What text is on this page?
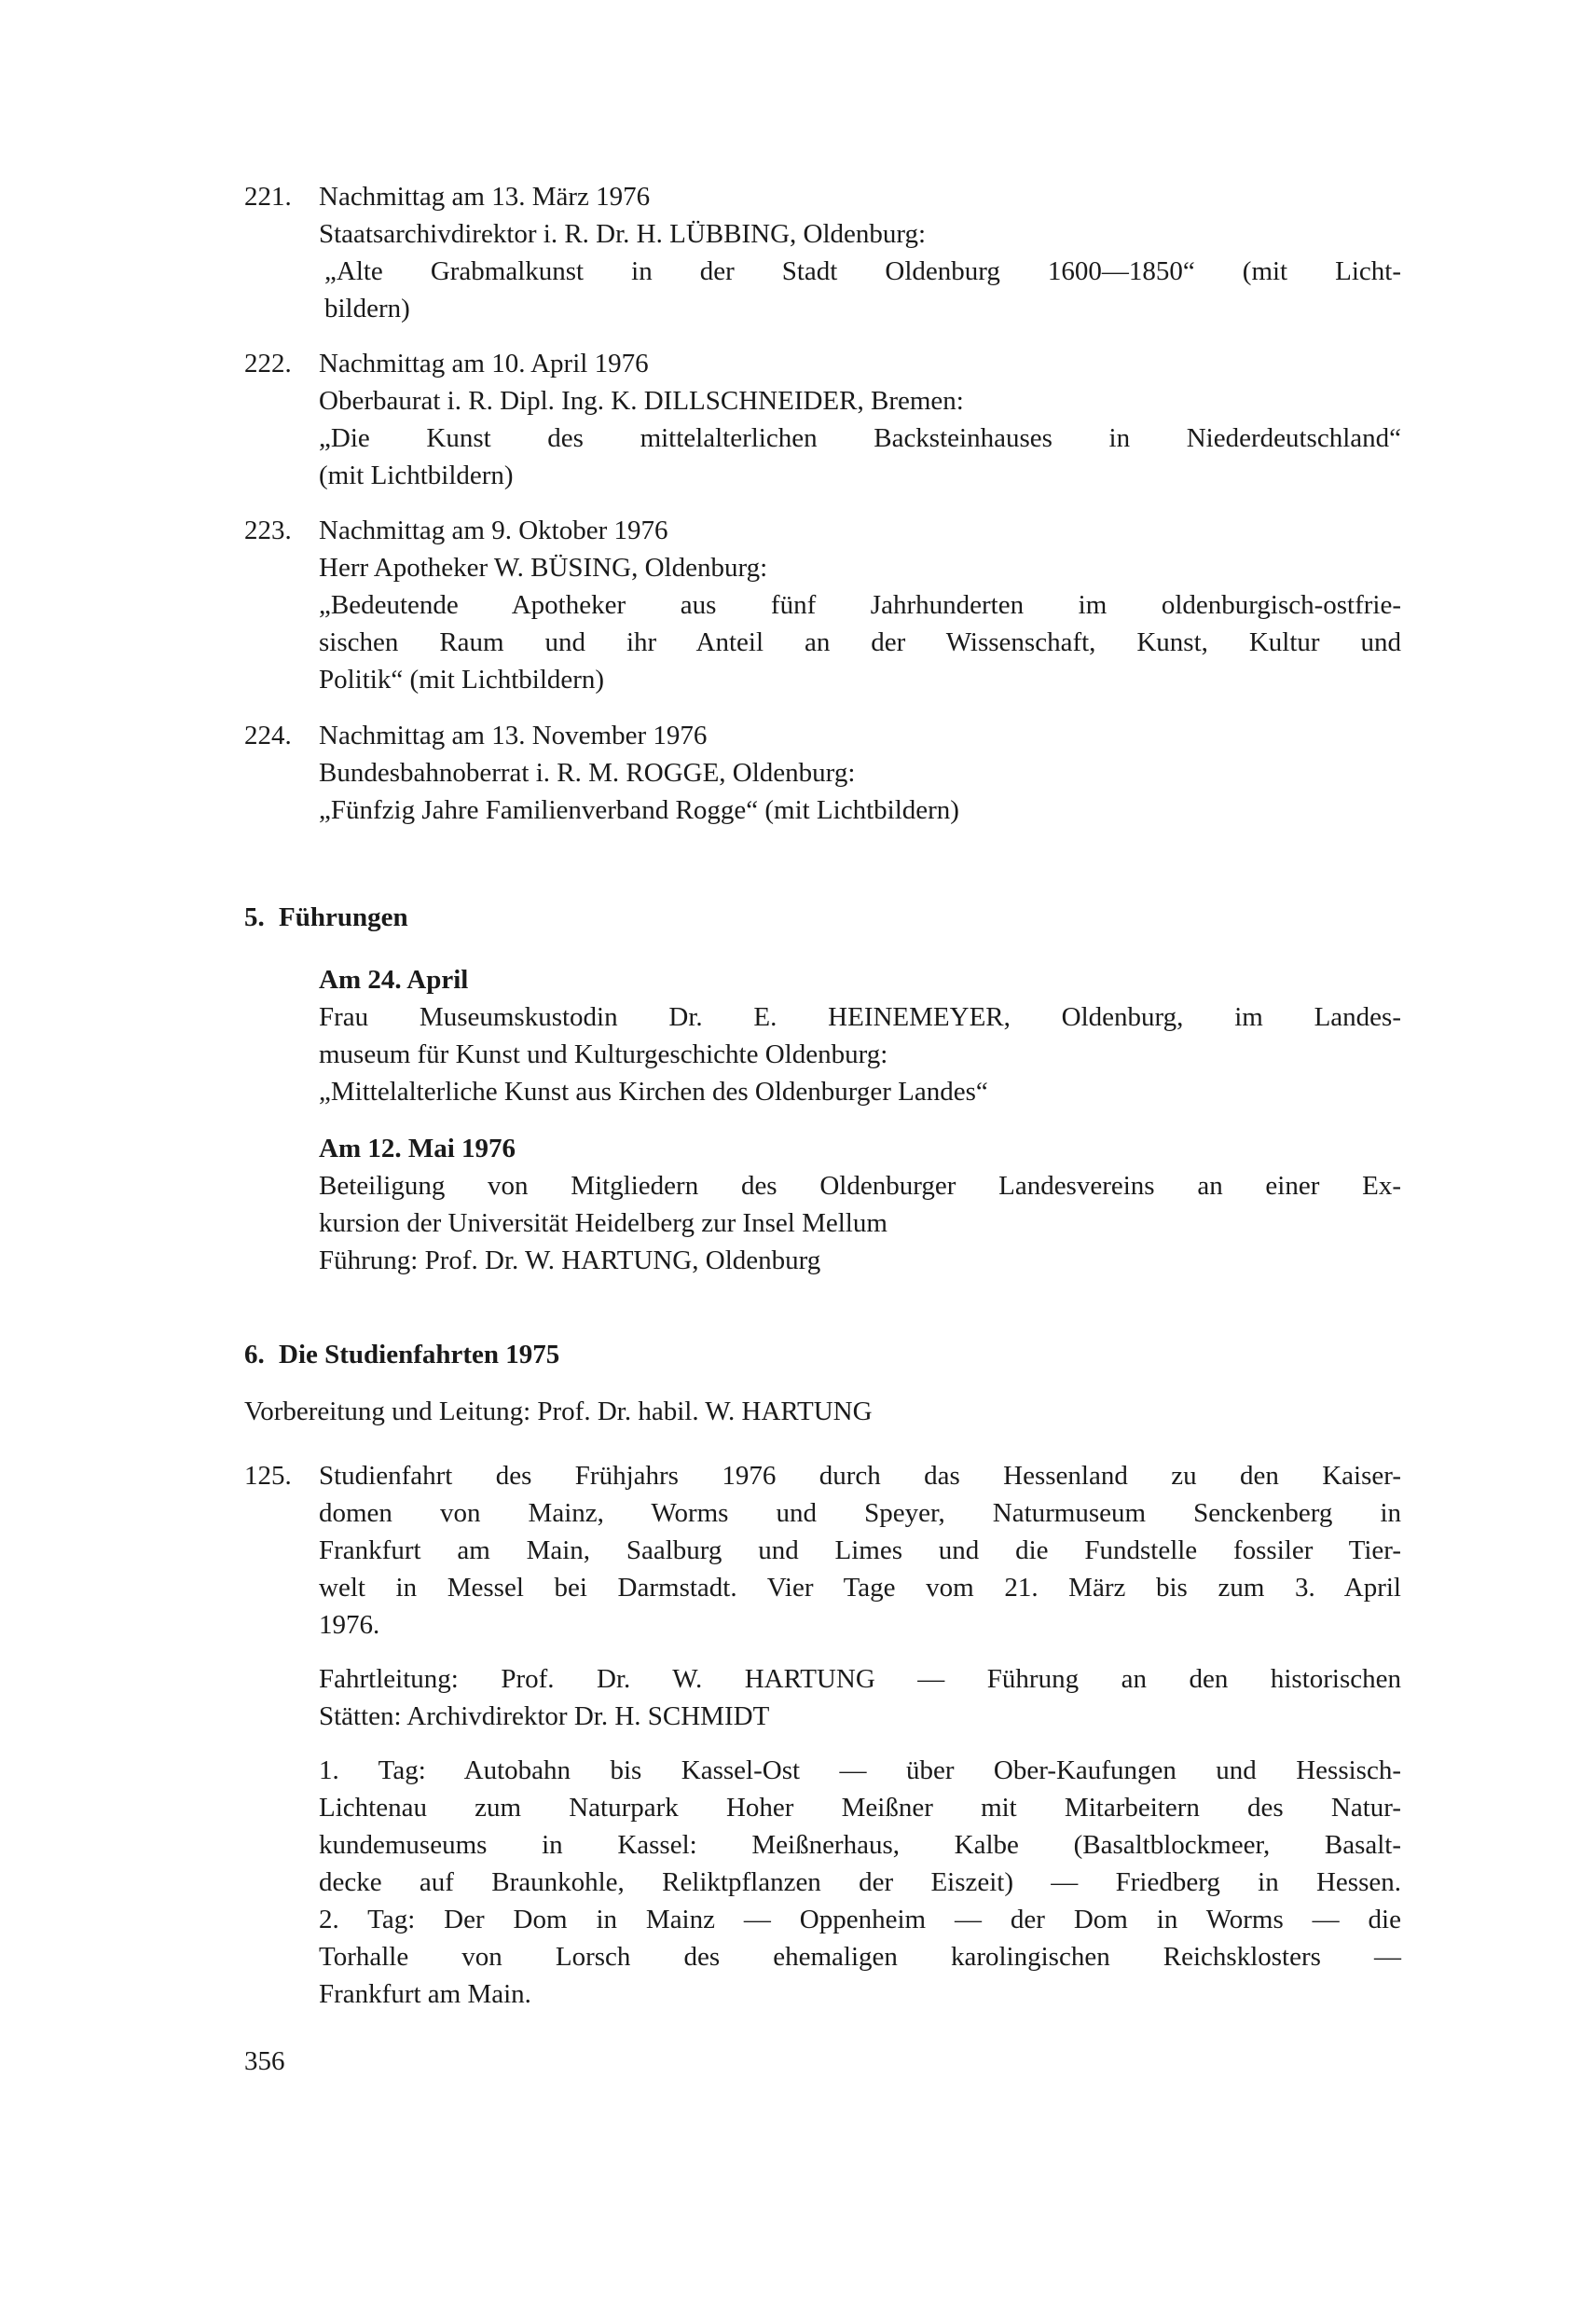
221. Nachmittag am 13. März 1976
Staatsarchivdirektor i. R. Dr. H. LÜBBING, Oldenburg:
„Alte Grabmalkunst in der Stadt Oldenburg 1600—1850“ (mit Licht-
bildern)
222. Nachmittag am 10. April 1976
Oberbaurat i. R. Dipl. Ing. K. DILLSCHNEIDER, Bremen:
„Die Kunst des mittelalterlichen Backsteinhauses in Niederdeutschland“
(mit Lichtbildern)
223. Nachmittag am 9. Oktober 1976
Herr Apotheker W. BÜSING, Oldenburg:
„Bedeutende Apotheker aus fünf Jahrhunderten im oldenburgisch-ostfrie-
sischen Raum und ihr Anteil an der Wissenschaft, Kunst, Kultur und
Politik“ (mit Lichtbildern)
224. Nachmittag am 13. November 1976
Bundesbahnoberrat i. R. M. ROGGE, Oldenburg:
„Fünfzig Jahre Familienverband Rogge“ (mit Lichtbildern)
5. Führungen
Am 24. April
Frau Museumskustodin Dr. E. HEINEMEYER, Oldenburg, im Landes-
museum für Kunst und Kulturgeschichte Oldenburg:
„Mittelalterliche Kunst aus Kirchen des Oldenburger Landes“
Am 12. Mai 1976
Beteiligung von Mitgliedern des Oldenburger Landesvereins an einer Ex-
kursion der Universität Heidelberg zur Insel Mellum
Führung: Prof. Dr. W. HARTUNG, Oldenburg
6. Die Studienfahrten 1975
Vorbereitung und Leitung: Prof. Dr. habil. W. HARTUNG
125. Studienfahrt des Frühjahrs 1976 durch das Hessenland zu den Kaiser-
domen von Mainz, Worms und Speyer, Naturmuseum Senckenberg in
Frankfurt am Main, Saalburg und Limes und die Fundstelle fossiler Tier-
welt in Messel bei Darmstadt. Vier Tage vom 21. März bis zum 3. April
1976.
Fahrtleitung: Prof. Dr. W. HARTUNG — Führung an den historischen
Stätten: Archivdirektor Dr. H. SCHMIDT
1. Tag: Autobahn bis Kassel-Ost — über Ober-Kaufungen und Hessisch-
Lichtenau zum Naturpark Hoher Meißner mit Mitarbeitern des Natur-
kundemuseums in Kassel: Meißnerhaus, Kalbe (Basaltblockmeer, Basalt-
decke auf Braunkohle, Reliktpflanzen der Eiszeit) — Friedberg in Hessen.
2. Tag: Der Dom in Mainz — Oppenheim — der Dom in Worms — die
Torhalle von Lorsch des ehemaligen karolingischen Reichsklosters —
Frankfurt am Main.
356
